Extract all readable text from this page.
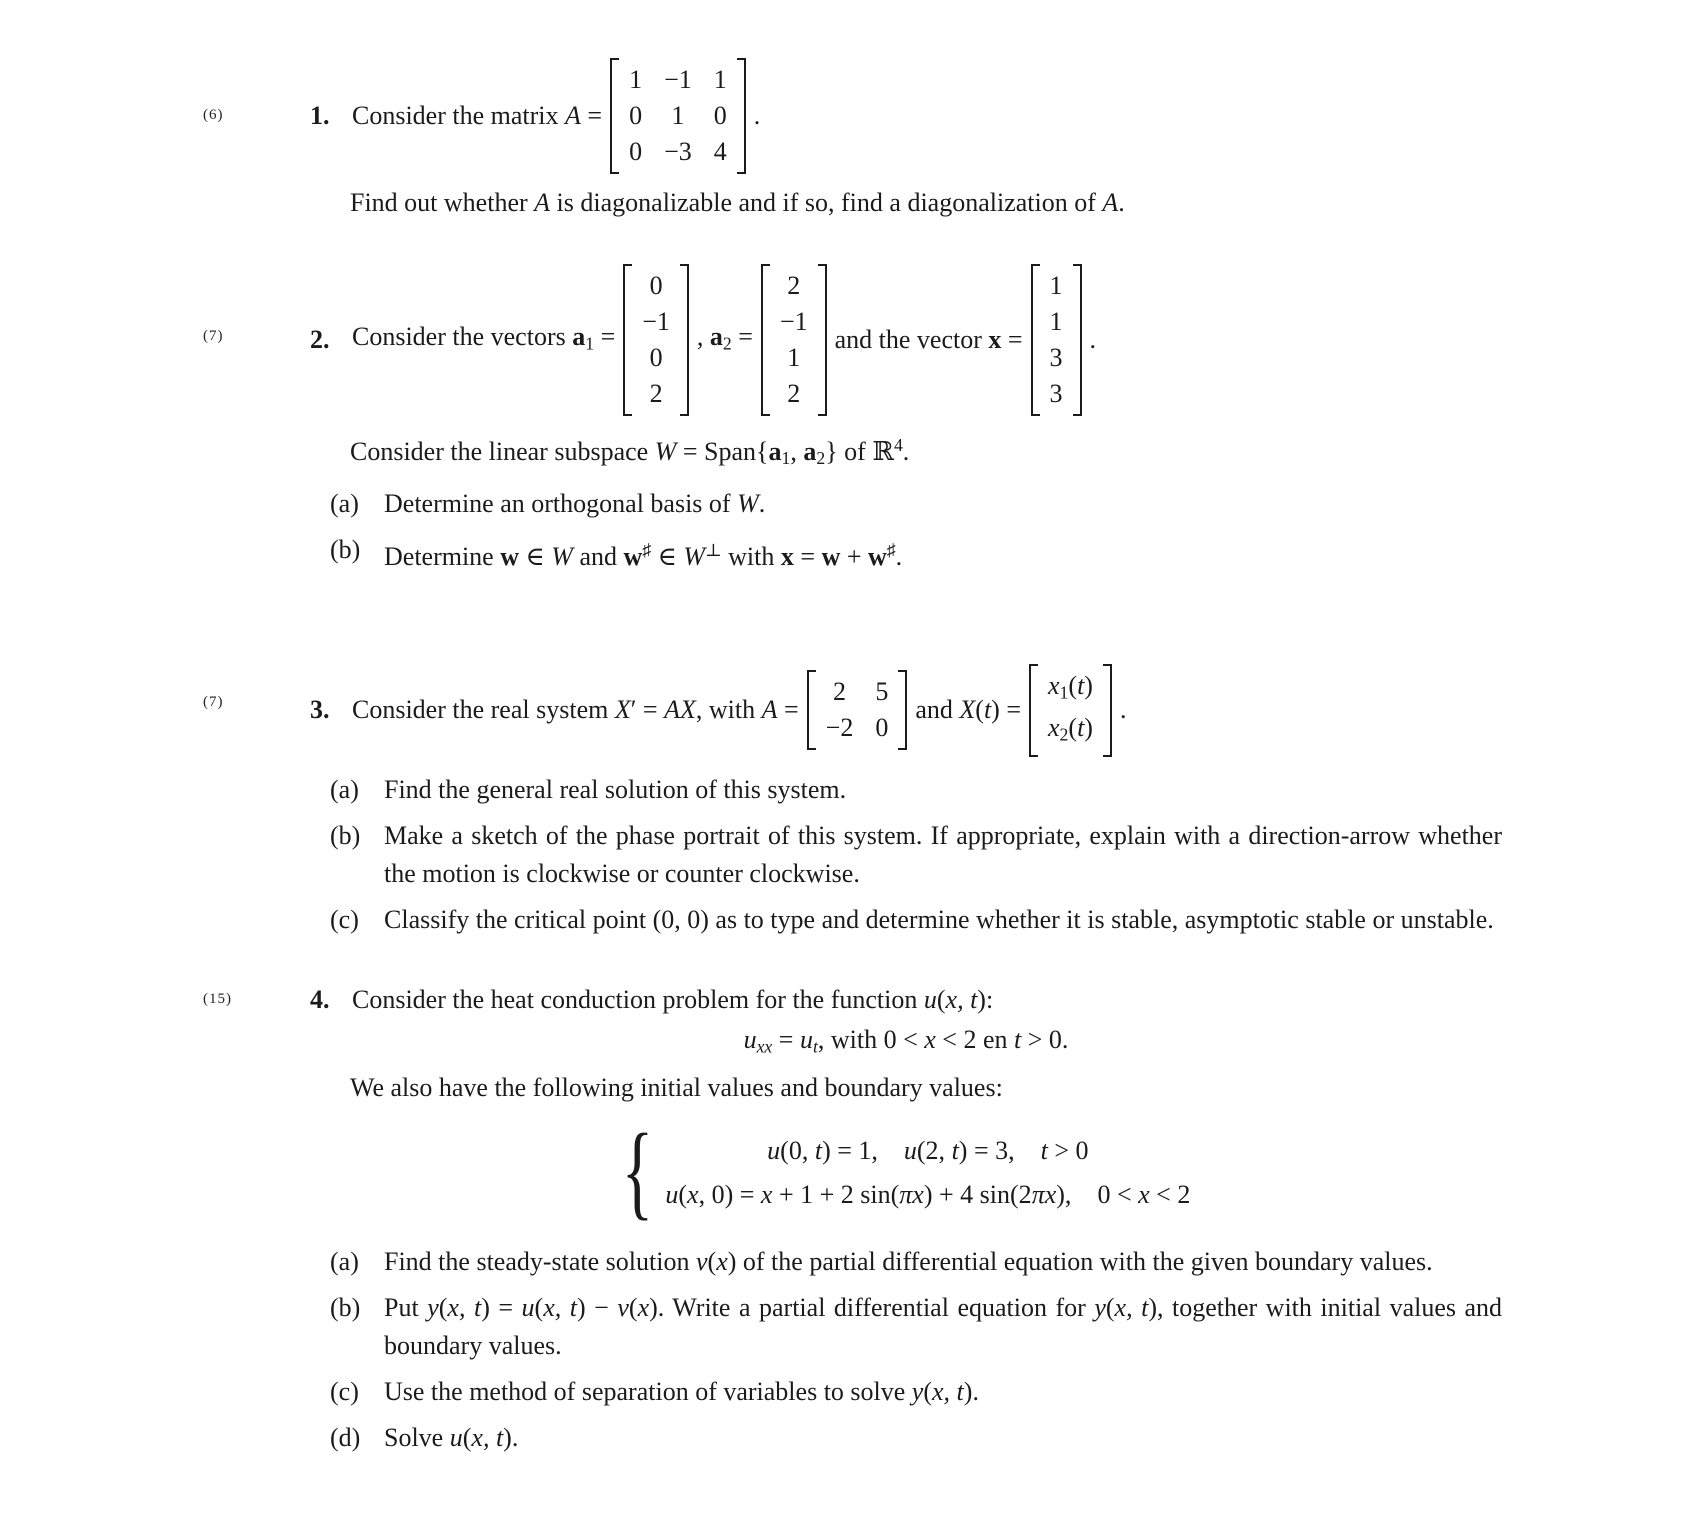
(6)	1. Consider the matrix A =
1 −1 1
0 1 0
0 −3 4
.
Find out whether A is diagonalizable and if so, find a diagonalization of A.
(7)	2. Consider the vectors a1 =
0
−1
0
2
, a2 =
2
−1
1
2
and the vector x =
1
1
3
3
.
Consider the linear subspace W = Span{a1, a2} of ℝ$^4$.
(a) Determine an orthogonal basis of W.
(b) Determine w ∈ W and w♯ ∈ W⊥ with x = w + w♯.
(7)	3. Consider the real system X′ = AX, with A =
2 5
−2 0
and X(t) =
x1(t)
x2(t)
.
(a) Find the general real solution of this system.
(b) Make a sketch of the phase portrait of this system. If appropriate, explain with a direction-arrow whether the motion is clockwise or counter clockwise.
(c) Classify the critical point (0, 0) as to type and determine whether it is stable, asymptotic stable or unstable.
(15)	4. Consider the heat conduction problem for the function u(x, t):
uxx = ut, with 0 < x < 2 en t > 0.
We also have the following initial values and boundary values:
{	u(0, t) = 1,  u(2, t) = 3,  t > 0
u(x, 0) = x + 1 + 2 sin(πx) + 4 sin(2πx),  0 < x < 2
(a) Find the steady-state solution v(x) of the partial differential equation with the given boundary values.
(b) Put y(x, t) = u(x, t) − v(x). Write a partial differential equation for y(x, t), together with initial values and boundary values.
(c) Use the method of separation of variables to solve y(x, t).
(d) Solve u(x, t).
